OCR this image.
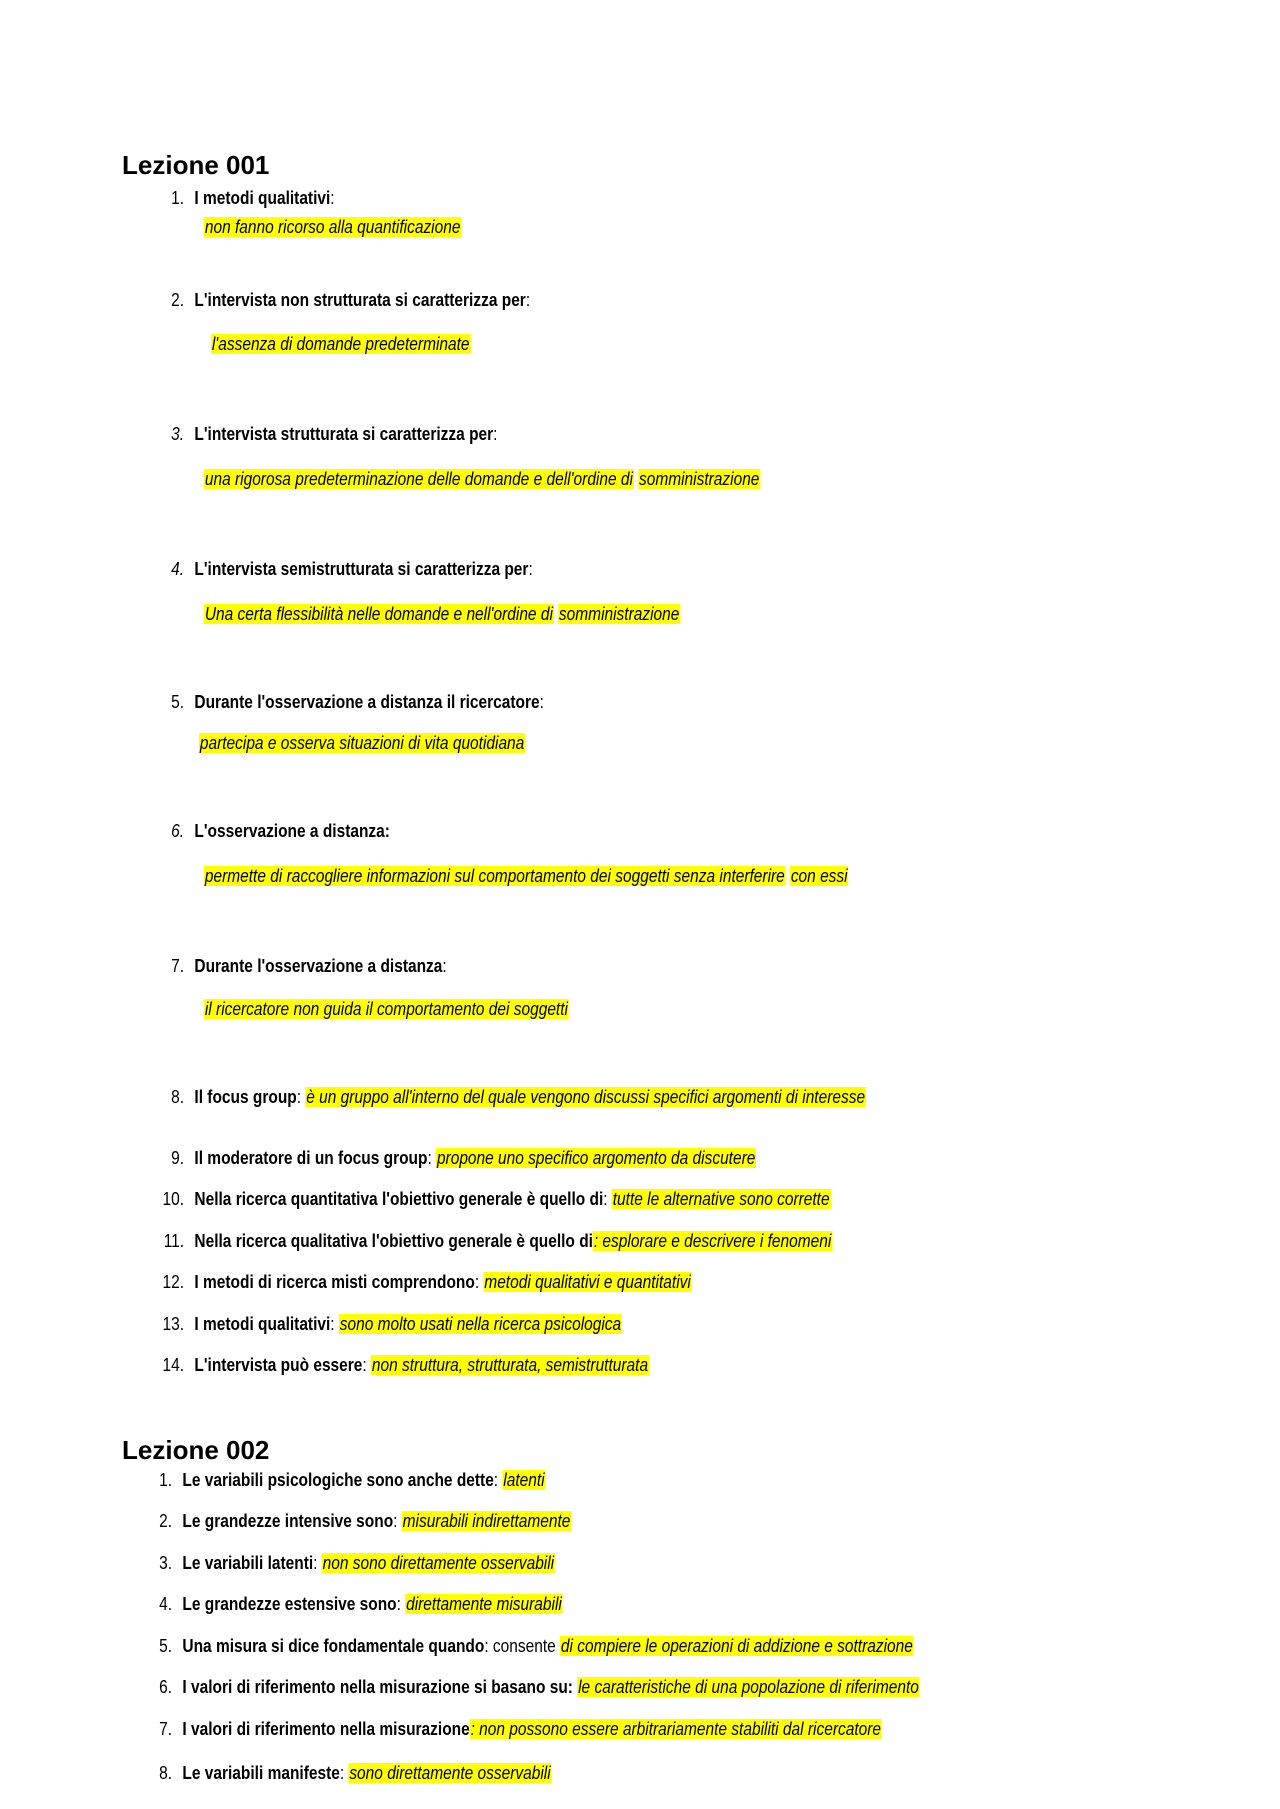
Lezione 001
1. I metodi qualitativi:
non fanno ricorso alla quantificazione
2. L'intervista non strutturata si caratterizza per:
l'assenza di domande predeterminate
3. L'intervista strutturata si caratterizza per:
una rigorosa predeterminazione delle domande e dell'ordine di somministrazione
4. L'intervista semistrutturata si caratterizza per:
Una certa flessibilità nelle domande e nell'ordine di somministrazione
5. Durante l'osservazione a distanza il ricercatore:
partecipa e osserva situazioni di vita quotidiana
6. L'osservazione a distanza:
permette di raccogliere informazioni sul comportamento dei soggetti senza interferire con essi
7. Durante l'osservazione a distanza:
il ricercatore non guida il comportamento dei soggetti
8. Il focus group: è un gruppo all'interno del quale vengono discussi specifici argomenti di interesse
9. Il moderatore di un focus group: propone uno specifico argomento da discutere
10. Nella ricerca quantitativa l'obiettivo generale è quello di: tutte le alternative sono corrette
11. Nella ricerca qualitativa l'obiettivo generale è quello di: esplorare e descrivere i fenomeni
12. I metodi di ricerca misti comprendono: metodi qualitativi e quantitativi
13. I metodi qualitativi: sono molto usati nella ricerca psicologica
14. L'intervista può essere: non struttura, strutturata, semistrutturata
Lezione 002
1. Le variabili psicologiche sono anche dette: latenti
2. Le grandezze intensive sono: misurabili indirettamente
3. Le variabili latenti: non sono direttamente osservabili
4. Le grandezze estensive sono: direttamente misurabili
5. Una misura si dice fondamentale quando: consente di compiere le operazioni di addizione e sottrazione
6. I valori di riferimento nella misurazione si basano su: le caratteristiche di una popolazione di riferimento
7. I valori di riferimento nella misurazione: non possono essere arbitrariamente stabiliti dal ricercatore
8. Le variabili manifeste: sono direttamente osservabili
